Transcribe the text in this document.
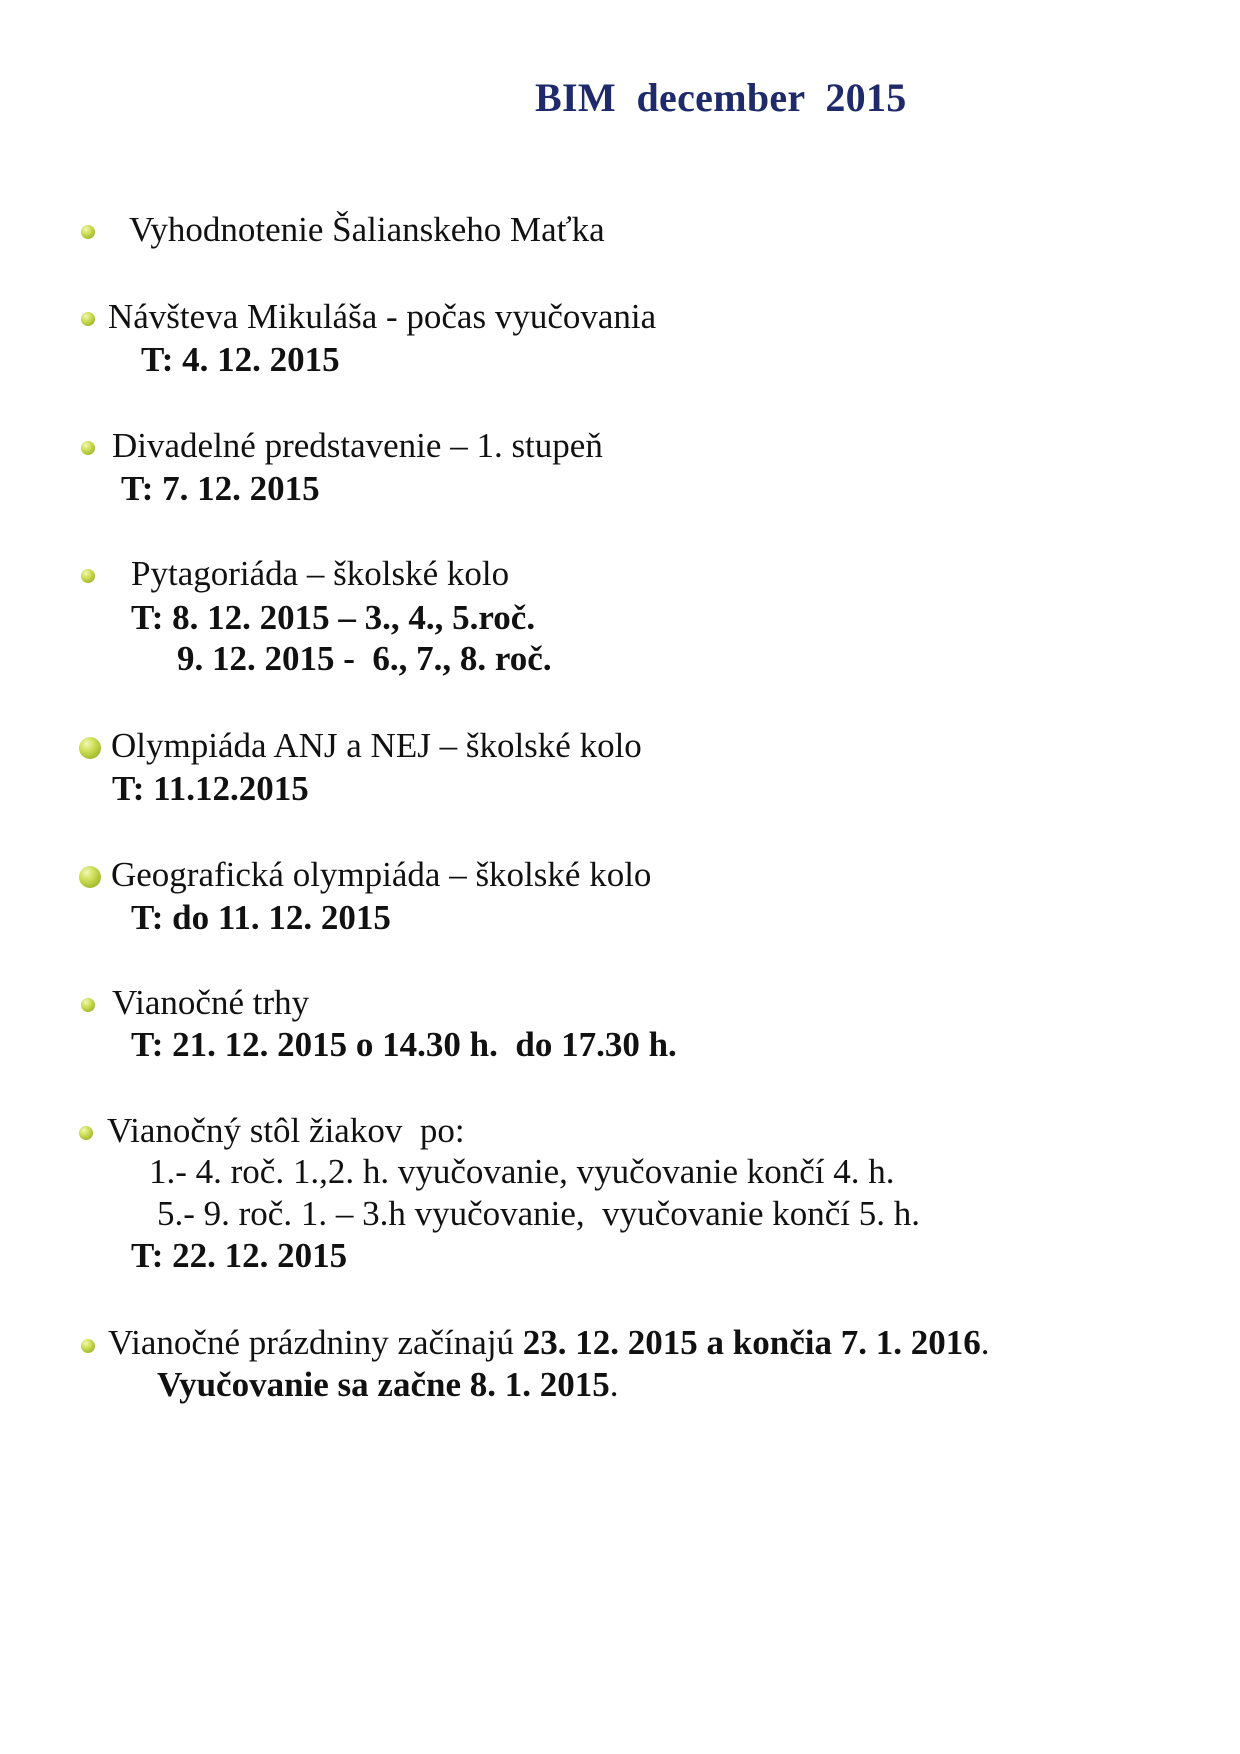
BIM  december  2015
Vyhodnotenie Šalianskeho Maťka
Návšteva Mikuláša - počas vyučovania
T: 4. 12. 2015
Divadelné predstavenie – 1. stupeň
T: 7. 12. 2015
Pytagoriáda – školské kolo
T: 8. 12. 2015 – 3., 4., 5.roč.
9. 12. 2015 -  6., 7., 8. roč.
Olympiáda ANJ a NEJ – školské kolo
T: 11.12.2015
Geografická olympiáda – školské kolo
T: do 11. 12. 2015
Vianočné trhy
T: 21. 12. 2015 o 14.30 h.  do 17.30 h.
Vianočný stôl žiakov  po:
1.- 4. roč. 1.,2. h. vyučovanie, vyučovanie končí 4. h.
5.- 9. roč. 1. – 3.h vyučovanie,  vyučovanie končí 5. h.
T: 22. 12. 2015
Vianočné prázdniny začínajú 23. 12. 2015 a končia 7. 1. 2016.
Vyučovanie sa začne 8. 1. 2015.
